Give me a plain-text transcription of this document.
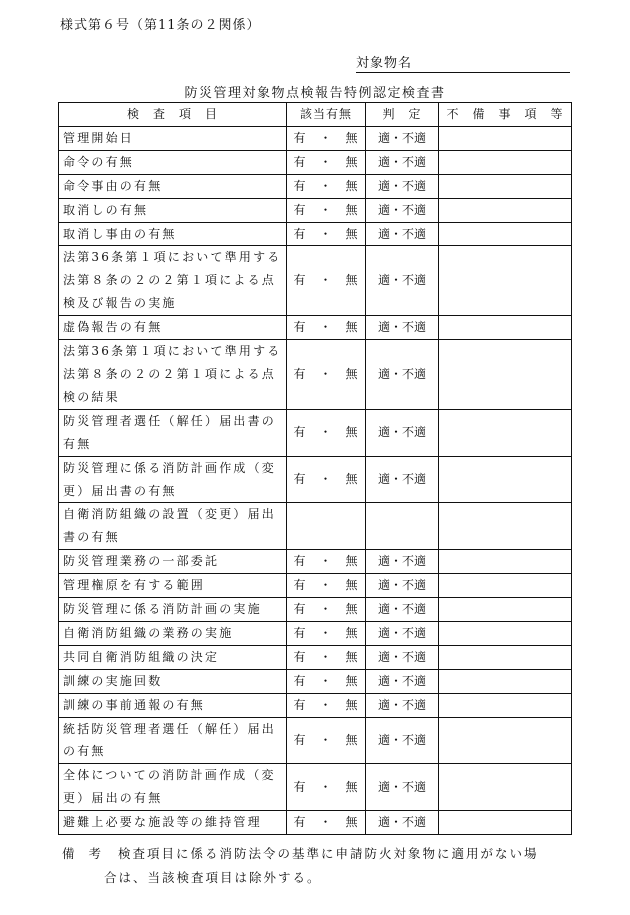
様式第６号（第11条の２関係）
対象物名
防災管理対象物点検報告特例認定検査書
検　査　項　目	該当有無	判　定	不　備　事　項　等
管理開始日	有　・　無	適・不適	
命令の有無	有　・　無	適・不適	
命令事由の有無	有　・　無	適・不適	
取消しの有無	有　・　無	適・不適	
取消し事由の有無	有　・　無	適・不適	
法第36条第１項において準用する法第８条の２の２第１項による点検及び報告の実施	有　・　無	適・不適	
虚偽報告の有無	有　・　無	適・不適	
法第36条第１項において準用する法第８条の２の２第１項による点検の結果	有　・　無	適・不適	
防災管理者選任（解任）届出書の有無	有　・　無	適・不適	
防災管理に係る消防計画作成（変更）届出書の有無	有　・　無	適・不適	
自衛消防組織の設置（変更）届出書の有無			
防災管理業務の一部委託	有　・　無	適・不適	
管理権原を有する範囲	有　・　無	適・不適	
防災管理に係る消防計画の実施	有　・　無	適・不適	
自衛消防組織の業務の実施	有　・　無	適・不適	
共同自衛消防組織の決定	有　・　無	適・不適	
訓練の実施回数	有　・　無	適・不適	
訓練の事前通報の有無	有　・　無	適・不適	
統括防災管理者選任（解任）届出の有無	有　・　無	適・不適	
全体についての消防計画作成（変更）届出の有無	有　・　無	適・不適	
避難上必要な施設等の維持管理	有　・　無	適・不適	
備考 検査項目に係る消防法令の基準に申請防火対象物に適用がない場
合は、当該検査項目は除外する。
